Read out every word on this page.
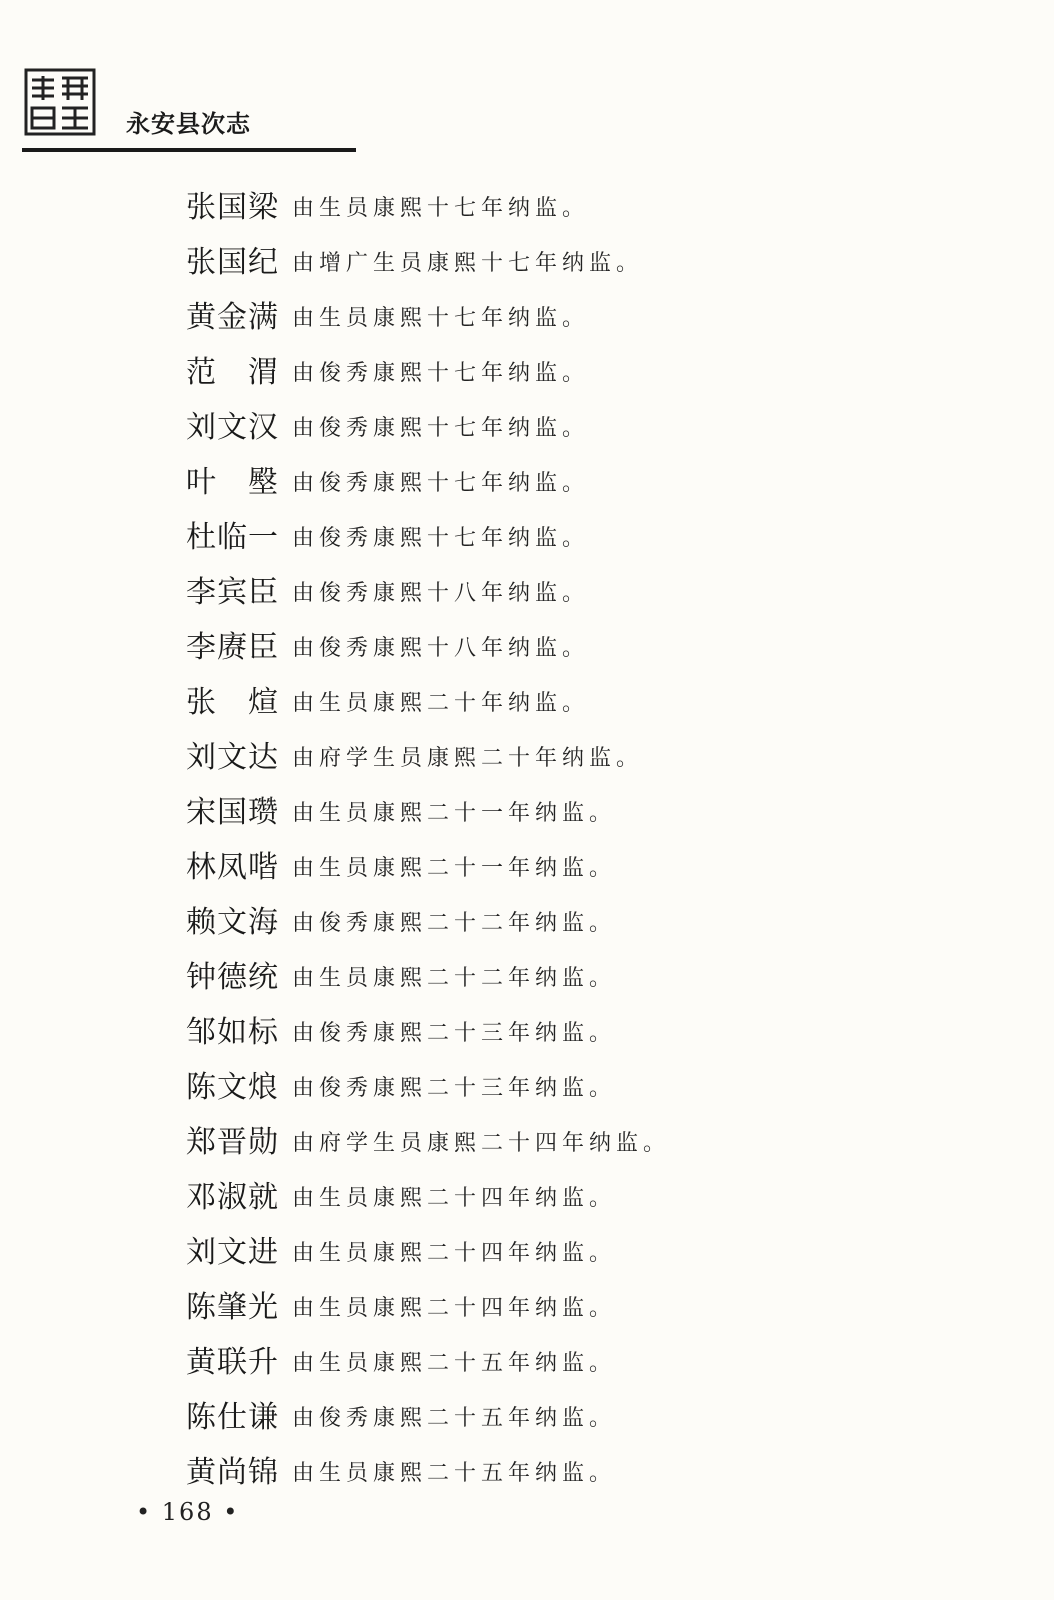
永安县次志
张国梁 由生员康熙十七年纳监。
张国纪 由增广生员康熙十七年纳监。
黄金满 由生员康熙十七年纳监。
范　渭 由俊秀康熙十七年纳监。
刘文汉 由俊秀康熙十七年纳监。
叶　壂 由俊秀康熙十七年纳监。
杜临一 由俊秀康熙十七年纳监。
李宾臣 由俊秀康熙十八年纳监。
李赓臣 由俊秀康熙十八年纳监。
张　煊 由生员康熙二十年纳监。
刘文达 由府学生员康熙二十年纳监。
宋国瓒 由生员康熙二十一年纳监。
林凤喈 由生员康熙二十一年纳监。
赖文海 由俊秀康熙二十二年纳监。
钟德统 由生员康熙二十二年纳监。
邹如标 由俊秀康熙二十三年纳监。
陈文烺 由俊秀康熙二十三年纳监。
郑晋勋 由府学生员康熙二十四年纳监。
邓淑就 由生员康熙二十四年纳监。
刘文进 由生员康熙二十四年纳监。
陈肇光 由生员康熙二十四年纳监。
黄联升 由生员康熙二十五年纳监。
陈仕谦 由俊秀康熙二十五年纳监。
黄尚锦 由生员康熙二十五年纳监。
• 168 •
